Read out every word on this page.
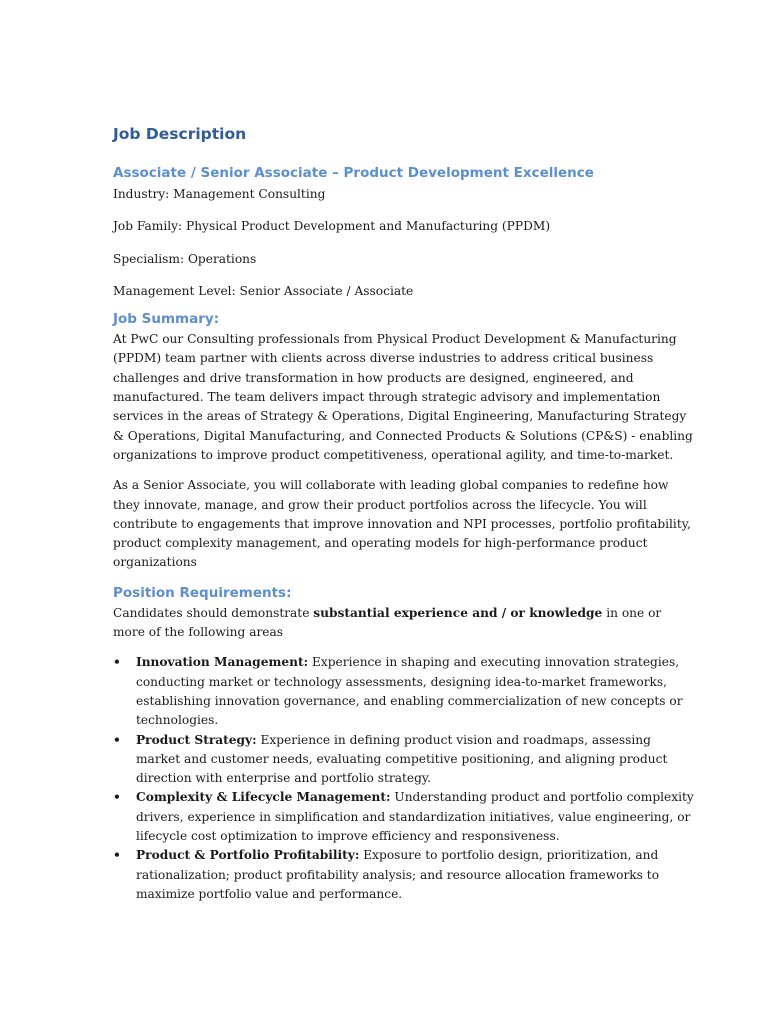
Job Description
Associate / Senior Associate – Product Development Excellence

Industry: Management Consulting

Job Family: Physical Product Development and Manufacturing (PPDM)

Specialism: Operations

Management Level: Senior Associate / Associate

Job Summary:

At PwC our Consulting professionals from Physical Product Development & Manufacturing (PPDM) team partner with clients across diverse industries to address critical business challenges and drive transformation in how products are designed, engineered, and manufactured. The team delivers impact through strategic advisory and implementation services in the areas of Strategy & Operations, Digital Engineering, Manufacturing Strategy & Operations, Digital Manufacturing, and Connected Products & Solutions (CP&S) - enabling organizations to improve product competitiveness, operational agility, and time-to-market.

As a Senior Associate, you will collaborate with leading global companies to redefine how they innovate, manage, and grow their product portfolios across the lifecycle. You will contribute to engagements that improve innovation and NPI processes, portfolio profitability, product complexity management, and operating models for high-performance product organizations

Position Requirements:

Candidates should demonstrate substantial experience and / or knowledge in one or more of the following areas

• Innovation Management: Experience in shaping and executing innovation strategies, conducting market or technology assessments, designing idea-to-market frameworks, establishing innovation governance, and enabling commercialization of new concepts or technologies.
• Product Strategy: Experience in defining product vision and roadmaps, assessing market and customer needs, evaluating competitive positioning, and aligning product direction with enterprise and portfolio strategy.
• Complexity & Lifecycle Management: Understanding product and portfolio complexity drivers, experience in simplification and standardization initiatives, value engineering, or lifecycle cost optimization to improve efficiency and responsiveness.
• Product & Portfolio Profitability: Exposure to portfolio design, prioritization, and rationalization; product profitability analysis; and resource allocation frameworks to maximize portfolio value and performance.
